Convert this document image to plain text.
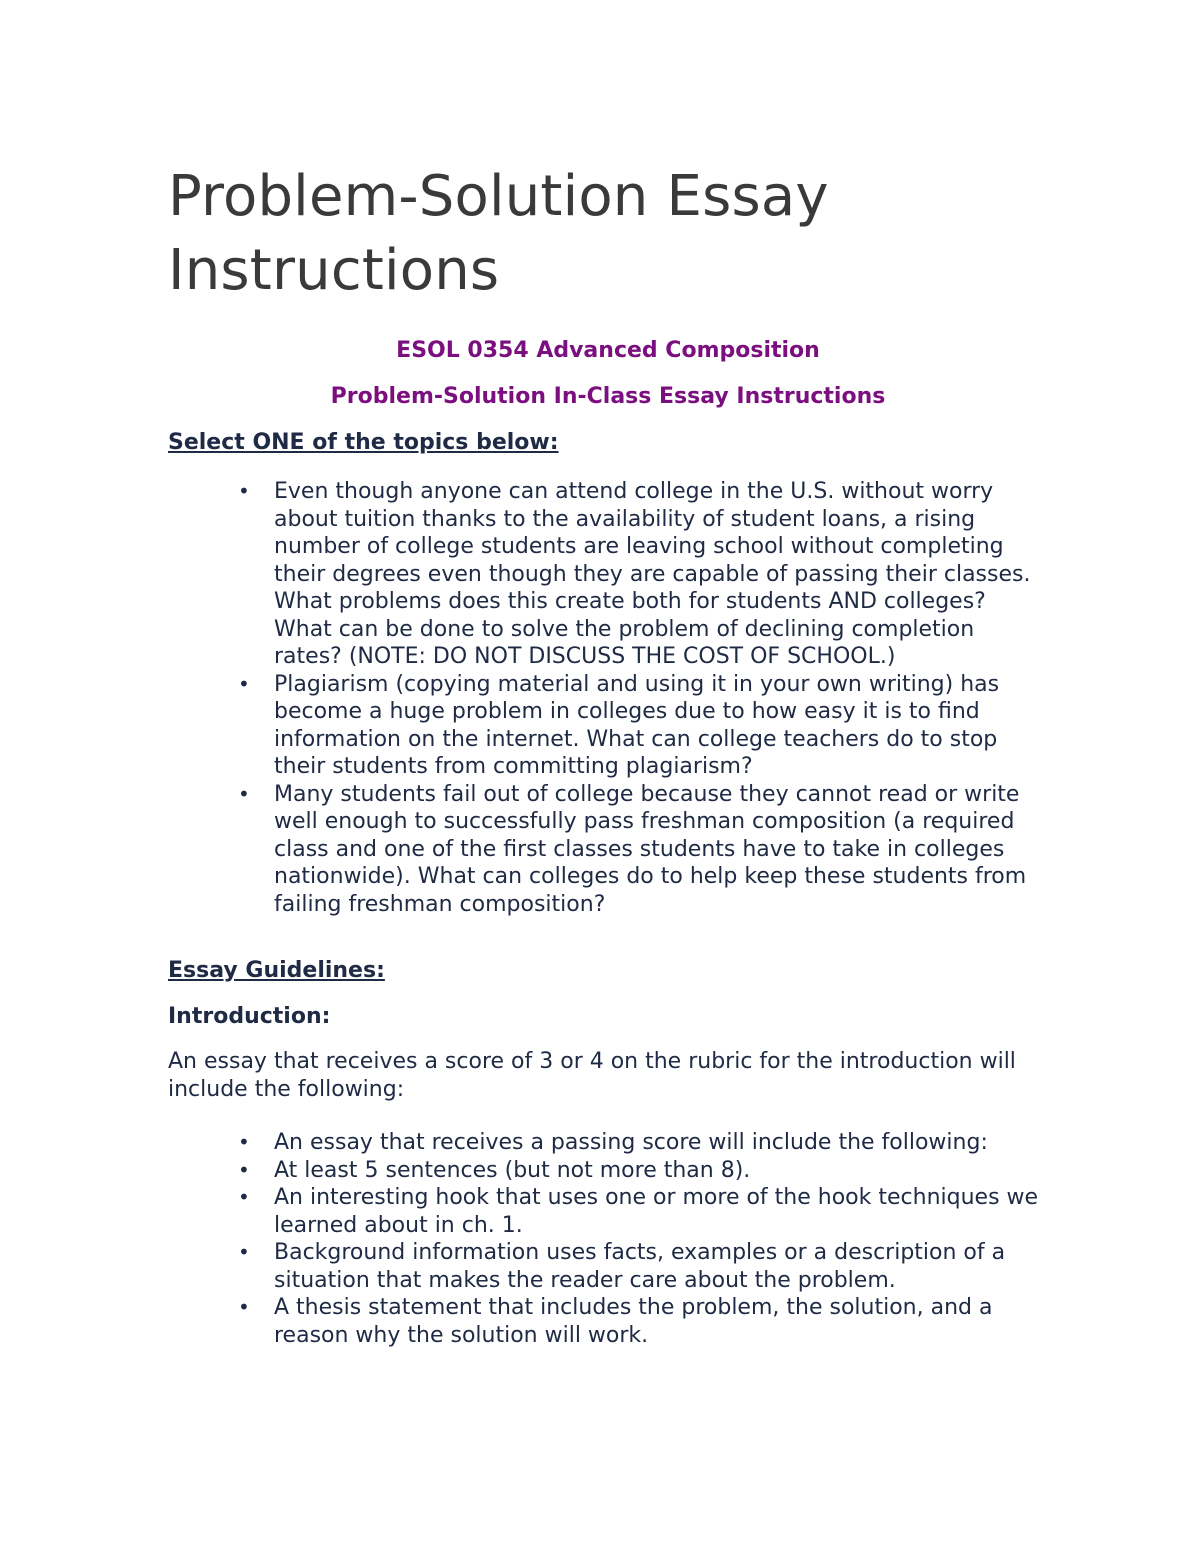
Problem-Solution Essay Instructions

ESOL 0354 Advanced Composition

Problem-Solution In-Class Essay Instructions

Select ONE of the topics below:

• Even though anyone can attend college in the U.S. without worry about tuition thanks to the availability of student loans, a rising number of college students are leaving school without completing their degrees even though they are capable of passing their classes. What problems does this create both for students AND colleges? What can be done to solve the problem of declining completion rates? (NOTE: DO NOT DISCUSS THE COST OF SCHOOL.)
• Plagiarism (copying material and using it in your own writing) has become a huge problem in colleges due to how easy it is to find information on the internet. What can college teachers do to stop their students from committing plagiarism?
• Many students fail out of college because they cannot read or write well enough to successfully pass freshman composition (a required class and one of the first classes students have to take in colleges nationwide). What can colleges do to help keep these students from failing freshman composition?

Essay Guidelines:

Introduction:

An essay that receives a score of 3 or 4 on the rubric for the introduction will include the following:

• An essay that receives a passing score will include the following:
• At least 5 sentences (but not more than 8).
• An interesting hook that uses one or more of the hook techniques we learned about in ch. 1.
• Background information uses facts, examples or a description of a situation that makes the reader care about the problem.
• A thesis statement that includes the problem, the solution, and a reason why the solution will work.
